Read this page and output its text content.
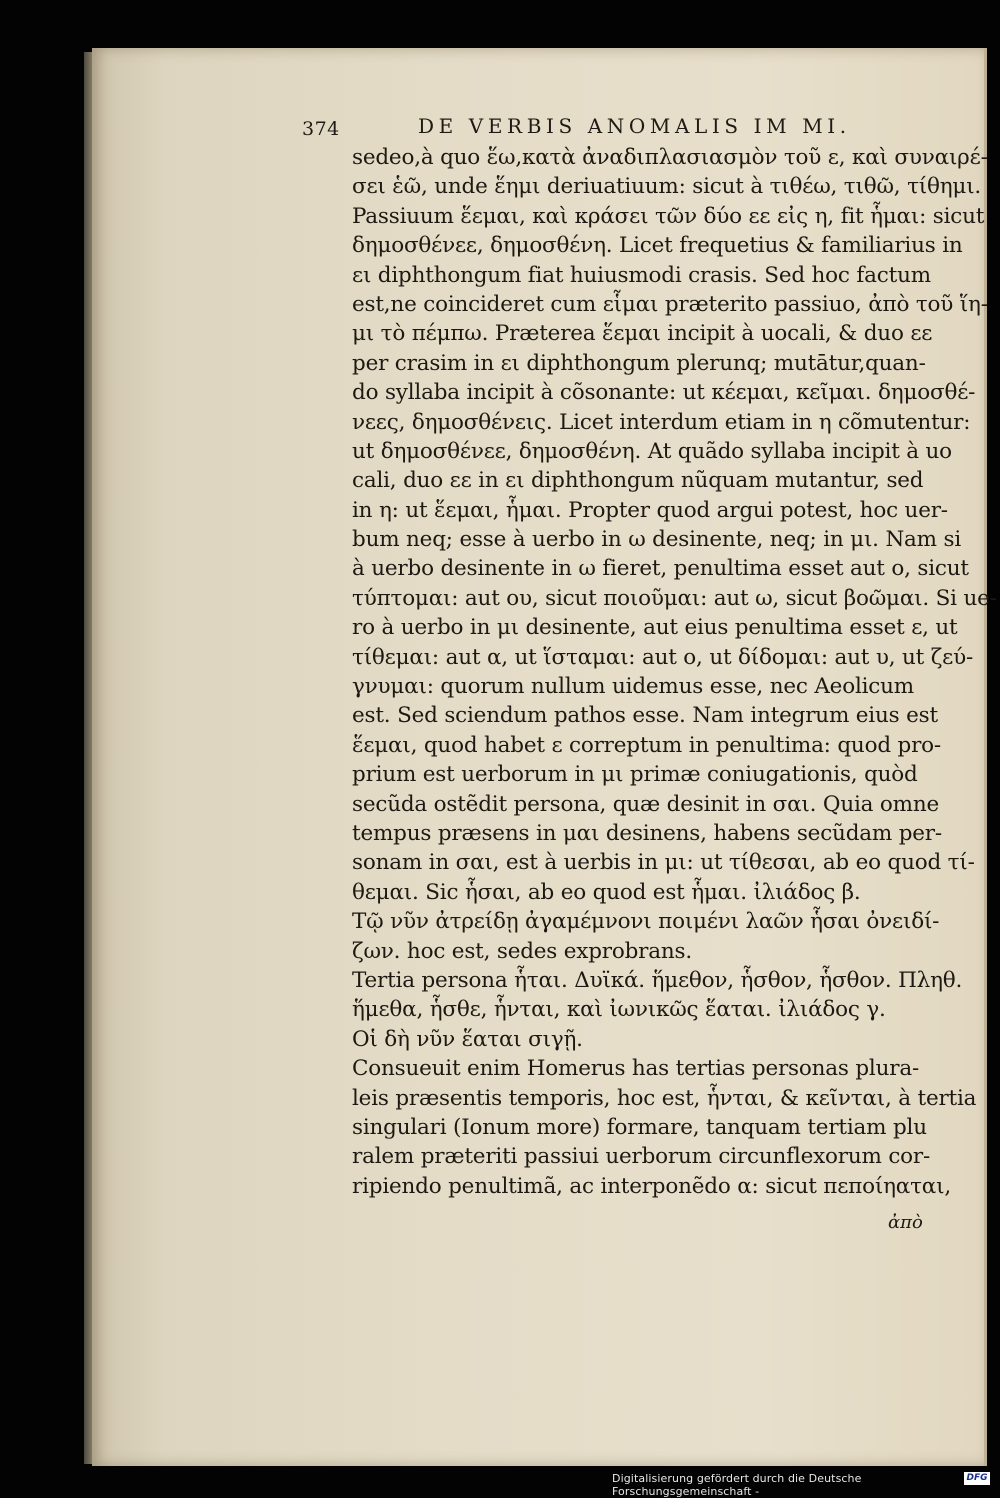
374	DE VERBIS ANOMALIS IM MI.
sedeo,à quo ἕω,κατὰ ἀναδιπλασιασμὸν τοῦ ε, καὶ συναιρέ-
σει ἑῶ, unde ἕημι deriuatiuum: sicut à τιθέω, τιθῶ, τίθημι.
Passiuum ἕεμαι, καὶ κράσει τῶν δύο εε εἰς η, fit ἧμαι: sicut
δημοσθένεε, δημοσθένη. Licet frequetius & familiarius in
ει diphthongum fiat huiusmodi crasis. Sed hoc factum
est,ne coincideret cum εἷμαι præterito passiuo, ἀπὸ τοῦ ἵη-
μι τὸ πέμπω. Præterea ἕεμαι incipit à uocali, & duo εε
per crasim in ει diphthongum plerunq; mutātur,quan-
do syllaba incipit à cõsonante: ut κέεμαι, κεῖμαι. δημοσθέ-
νεες, δημοσθένεις. Licet interdum etiam in η cõmutentur:
ut δημοσθένεε, δημοσθένη. At quãdo syllaba incipit à uo
cali, duo εε in ει diphthongum nũquam mutantur, sed
in η: ut ἕεμαι, ἧμαι. Propter quod argui potest, hoc uer-
bum neq; esse à uerbo in ω desinente, neq; in μι. Nam si
à uerbo desinente in ω fieret, penultima esset aut ο, sicut
τύπτομαι: aut ου, sicut ποιοῦμαι: aut ω, sicut βοῶμαι. Si ue-
ro à uerbo in μι desinente, aut eius penultima esset ε, ut
τίθεμαι: aut α, ut ἵσταμαι: aut ο, ut δίδομαι: aut υ, ut ζεύ-
γνυμαι: quorum nullum uidemus esse, nec Aeolicum
est. Sed sciendum pathos esse. Nam integrum eius est
ἕεμαι, quod habet ε correptum in penultima: quod pro-
prium est uerborum in μι primæ coniugationis, quòd
secũda ostẽdit persona, quæ desinit in σαι. Quia omne
tempus præsens in μαι desinens, habens secũdam per-
sonam in σαι, est à uerbis in μι: ut τίθεσαι, ab eo quod τί-
θεμαι. Sic ἧσαι, ab eo quod est ἧμαι. ἰλιάδος β.
Τῷ νῦν ἀτρείδῃ ἀγαμέμνονι ποιμένι λαῶν ἧσαι ὀνειδί-
ζων. hoc est, sedes exprobrans.
Tertia persona ἧται. Δυϊκά. ἥμεθον, ἧσθον, ἧσθον. Πληθ.
ἥμεθα, ἧσθε, ἧνται, καὶ ἰωνικῶς ἕαται. ἰλιάδος γ.
Οἱ δὴ νῦν ἕαται σιγῇ.
Consueuit enim Homerus has tertias personas plura-
leis præsentis temporis, hoc est, ἧνται, & κεῖνται, à tertia
singulari (Ionum more) formare, tanquam tertiam plu
ralem præteriti passiui uerborum circunflexorum cor-
ripiendo penultimã, ac interponẽdo α: sicut πεποίηαται,
ἀπὸ
Digitalisierung gefördert durch die Deutsche Forschungsgemeinschaft -
DFG
